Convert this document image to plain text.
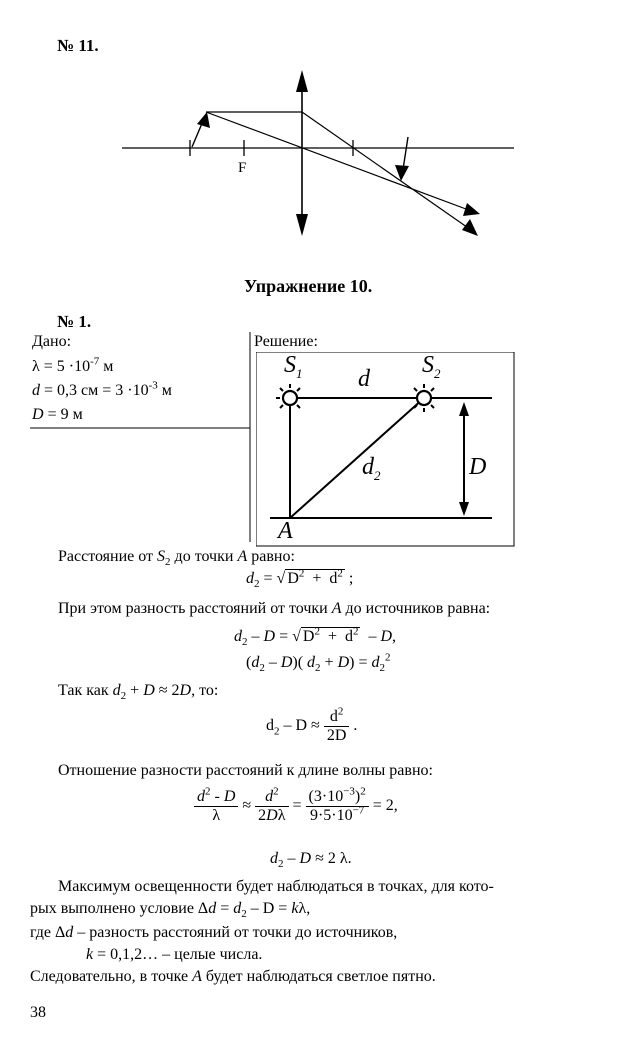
№ 11.
F
Упражнение 10.
№ 1.
Дано:
$\lambda = 5 \cdot 10^{-7}$ м
d = 0,3 см = $3 \cdot 10^{-3}$ м
D = 9 м
Решение:
$S_1$	$S_2$
d
$d_2$	D
A
Расстояние от $S_2$ до точки A равно:
$d_2$ = √ $D^2 + d^2$ ;
При этом разность расстояний от точки A до источников равна:
$d_2$ – D = √ $D^2 + d^2 - D$,
$(d_2 - D)$( $d_2 + D) = d_2^2$
Так как $d_2 + D \approx 2D$, то:
$d_2 - D \approx \frac{d^2}{2D}$ .
Отношение разности расстояний к длине волны равно:
$\frac{d^2 - D}{\lambda} \approx \frac{d^2}{2D\lambda} = \frac{(3\cdot 10^{-3})^2}{9\cdot 5\cdot 10^{-7}} = 2$,
$d_2 - D \approx 2$ λ.
Максимум освещенности будет наблюдаться в точках, для кото-
рых выполнено условие $\Delta d = d_2 - D = k\lambda$,
где Δd – разность расстояний от точки до источников,
k = 0,1,2… – целые числа.
Следовательно, в точке A будет наблюдаться светлое пятно.
38
